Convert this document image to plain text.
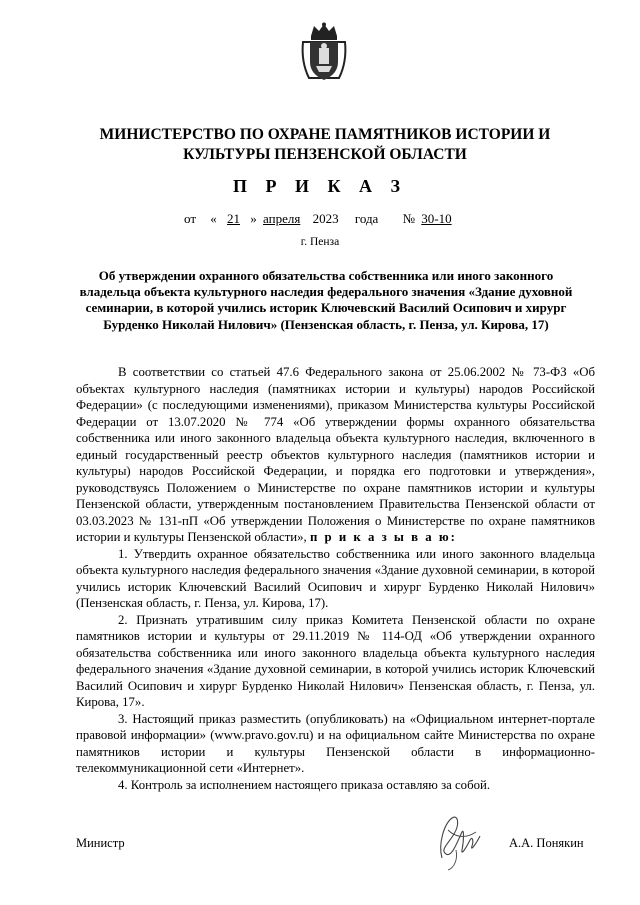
МИНИСТЕРСТВО ПО ОХРАНЕ ПАМЯТНИКОВ ИСТОРИИ И
КУЛЬТУРЫ ПЕНЗЕНСКОЙ ОБЛАСТИ
П Р И К А З
от « 21 » апреля 2023 года № 30-10
г. Пенза
Об утверждении охранного обязательства собственника или иного законного владельца объекта культурного наследия федерального значения «Здание духовной семинарии, в которой учились историк Ключевский Василий Осипович и хирург Бурденко Николай Нилович» (Пензенская область, г. Пенза, ул. Кирова, 17)

В соответствии со статьей 47.6 Федерального закона от 25.06.2002 № 73-ФЗ «Об объектах культурного наследия (памятниках истории и культуры) народов Российской Федерации» (с последующими изменениями), приказом Министерства культуры Российской Федерации от 13.07.2020 № 774 «Об утверждении формы охранного обязательства собственника или иного законного владельца объекта культурного наследия, включенного в единый государственный реестр объектов культурного наследия (памятников истории и культуры) народов Российской Федерации, и порядка его подготовки и утверждения», руководствуясь Положением о Министерстве по охране памятников истории и культуры Пензенской области, утвержденным постановлением Правительства Пензенской области от 03.03.2023 № 131-пП «Об утверждении Положения о Министерстве по охране памятников истории и культуры Пензенской области», п р и к а з ы в а ю:

1. Утвердить охранное обязательство собственника или иного законного владельца объекта культурного наследия федерального значения «Здание духовной семинарии, в которой учились историк Ключевский Василий Осипович и хирург Бурденко Николай Нилович» (Пензенская область, г. Пенза, ул. Кирова, 17).

2. Признать утратившим силу приказ Комитета Пензенской области по охране памятников истории и культуры от 29.11.2019 № 114-ОД «Об утверждении охранного обязательства собственника или иного законного владельца объекта культурного наследия федерального значения «Здание духовной семинарии, в которой учились историк Ключевский Василий Осипович и хирург Бурденко Николай Нилович» Пензенская область, г. Пенза, ул. Кирова, 17».

3. Настоящий приказ разместить (опубликовать) на «Официальном интернет-портале правовой информации» (www.pravo.gov.ru) и на официальном сайте Министерства по охране памятников истории и культуры Пензенской области в информационно-телекоммуникационной сети «Интернет».

4. Контроль за исполнением настоящего приказа оставляю за собой.

Министр	А.А. Понякин
